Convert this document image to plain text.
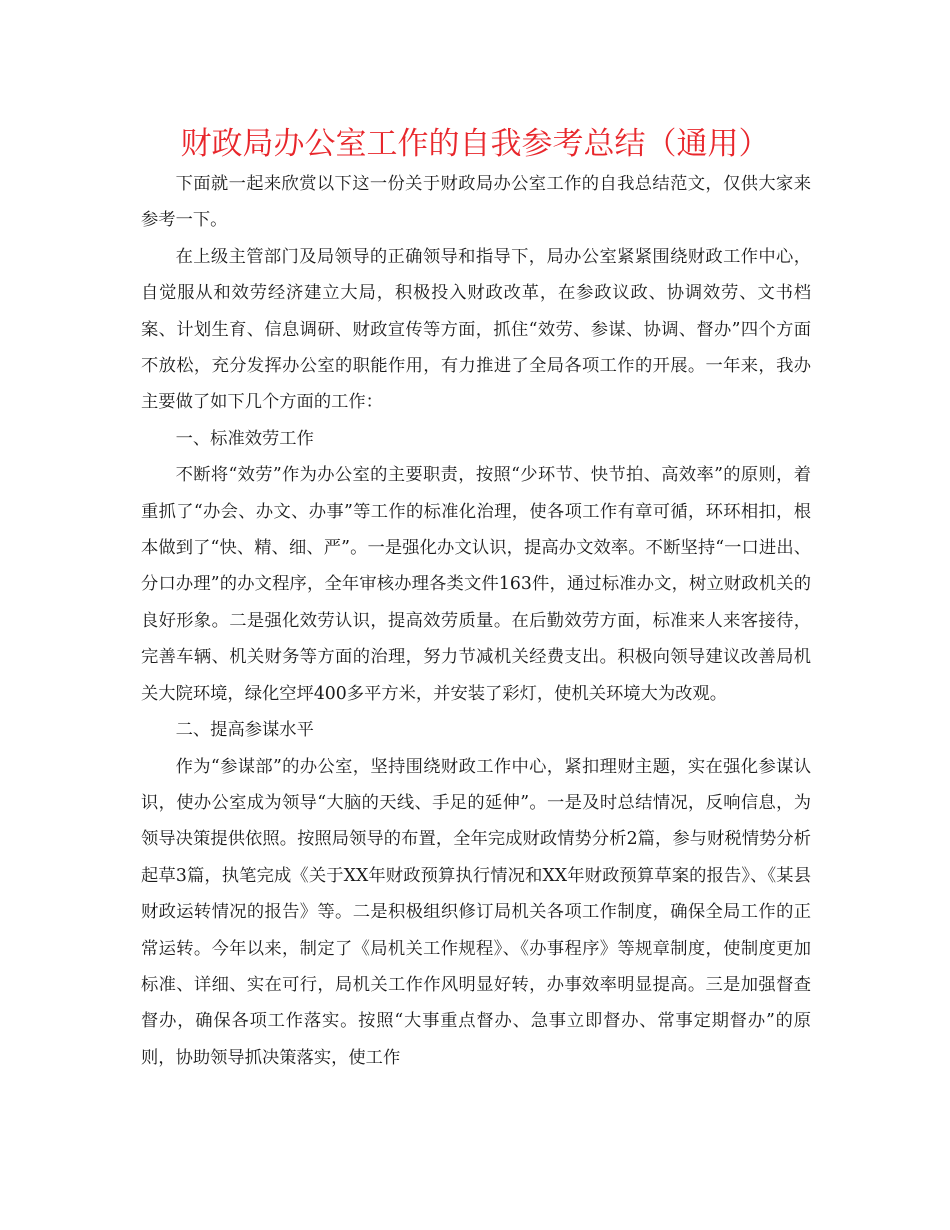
财政局办公室工作的自我参考总结（通用）

下面就一起来欣赏以下这一份关于财政局办公室工作的自我总结范文，仅供大家来参考一下。

在上级主管部门及局领导的正确领导和指导下，局办公室紧紧围绕财政工作中心，自觉服从和效劳经济建立大局，积极投入财政改革，在参政议政、协调效劳、文书档案、计划生育、信息调研、财政宣传等方面，抓住“效劳、参谋、协调、督办”四个方面不放松，充分发挥办公室的职能作用，有力推进了全局各项工作的开展。一年来，我办主要做了如下几个方面的工作：

一、标准效劳工作

不断将“效劳”作为办公室的主要职责，按照“少环节、快节拍、高效率”的原则，着重抓了“办会、办文、办事”等工作的标准化治理，使各项工作有章可循，环环相扣，根本做到了“快、精、细、严”。一是强化办文认识，提高办文效率。不断坚持“一口进出、分口办理”的办文程序，全年审核办理各类文件163件，通过标准办文，树立财政机关的良好形象。二是强化效劳认识，提高效劳质量。在后勤效劳方面，标准来人来客接待，完善车辆、机关财务等方面的治理，努力节减机关经费支出。积极向领导建议改善局机关大院环境，绿化空坪400多平方米，并安装了彩灯，使机关环境大为改观。

二、提高参谋水平

作为“参谋部”的办公室，坚持围绕财政工作中心，紧扣理财主题，实在强化参谋认识，使办公室成为领导“大脑的天线、手足的延伸”。一是及时总结情况，反响信息，为领导决策提供依照。按照局领导的布置，全年完成财政情势分析2篇，参与财税情势分析起草3篇，执笔完成《关于XX年财政预算执行情况和XX年财政预算草案的报告》、《某县财政运转情况的报告》等。二是积极组织修订局机关各项工作制度，确保全局工作的正常运转。今年以来，制定了《局机关工作规程》、《办事程序》等规章制度，使制度更加标准、详细、实在可行，局机关工作作风明显好转，办事效率明显提高。三是加强督查督办，确保各项工作落实。按照“大事重点督办、急事立即督办、常事定期督办”的原则，协助领导抓决策落实，使工作
